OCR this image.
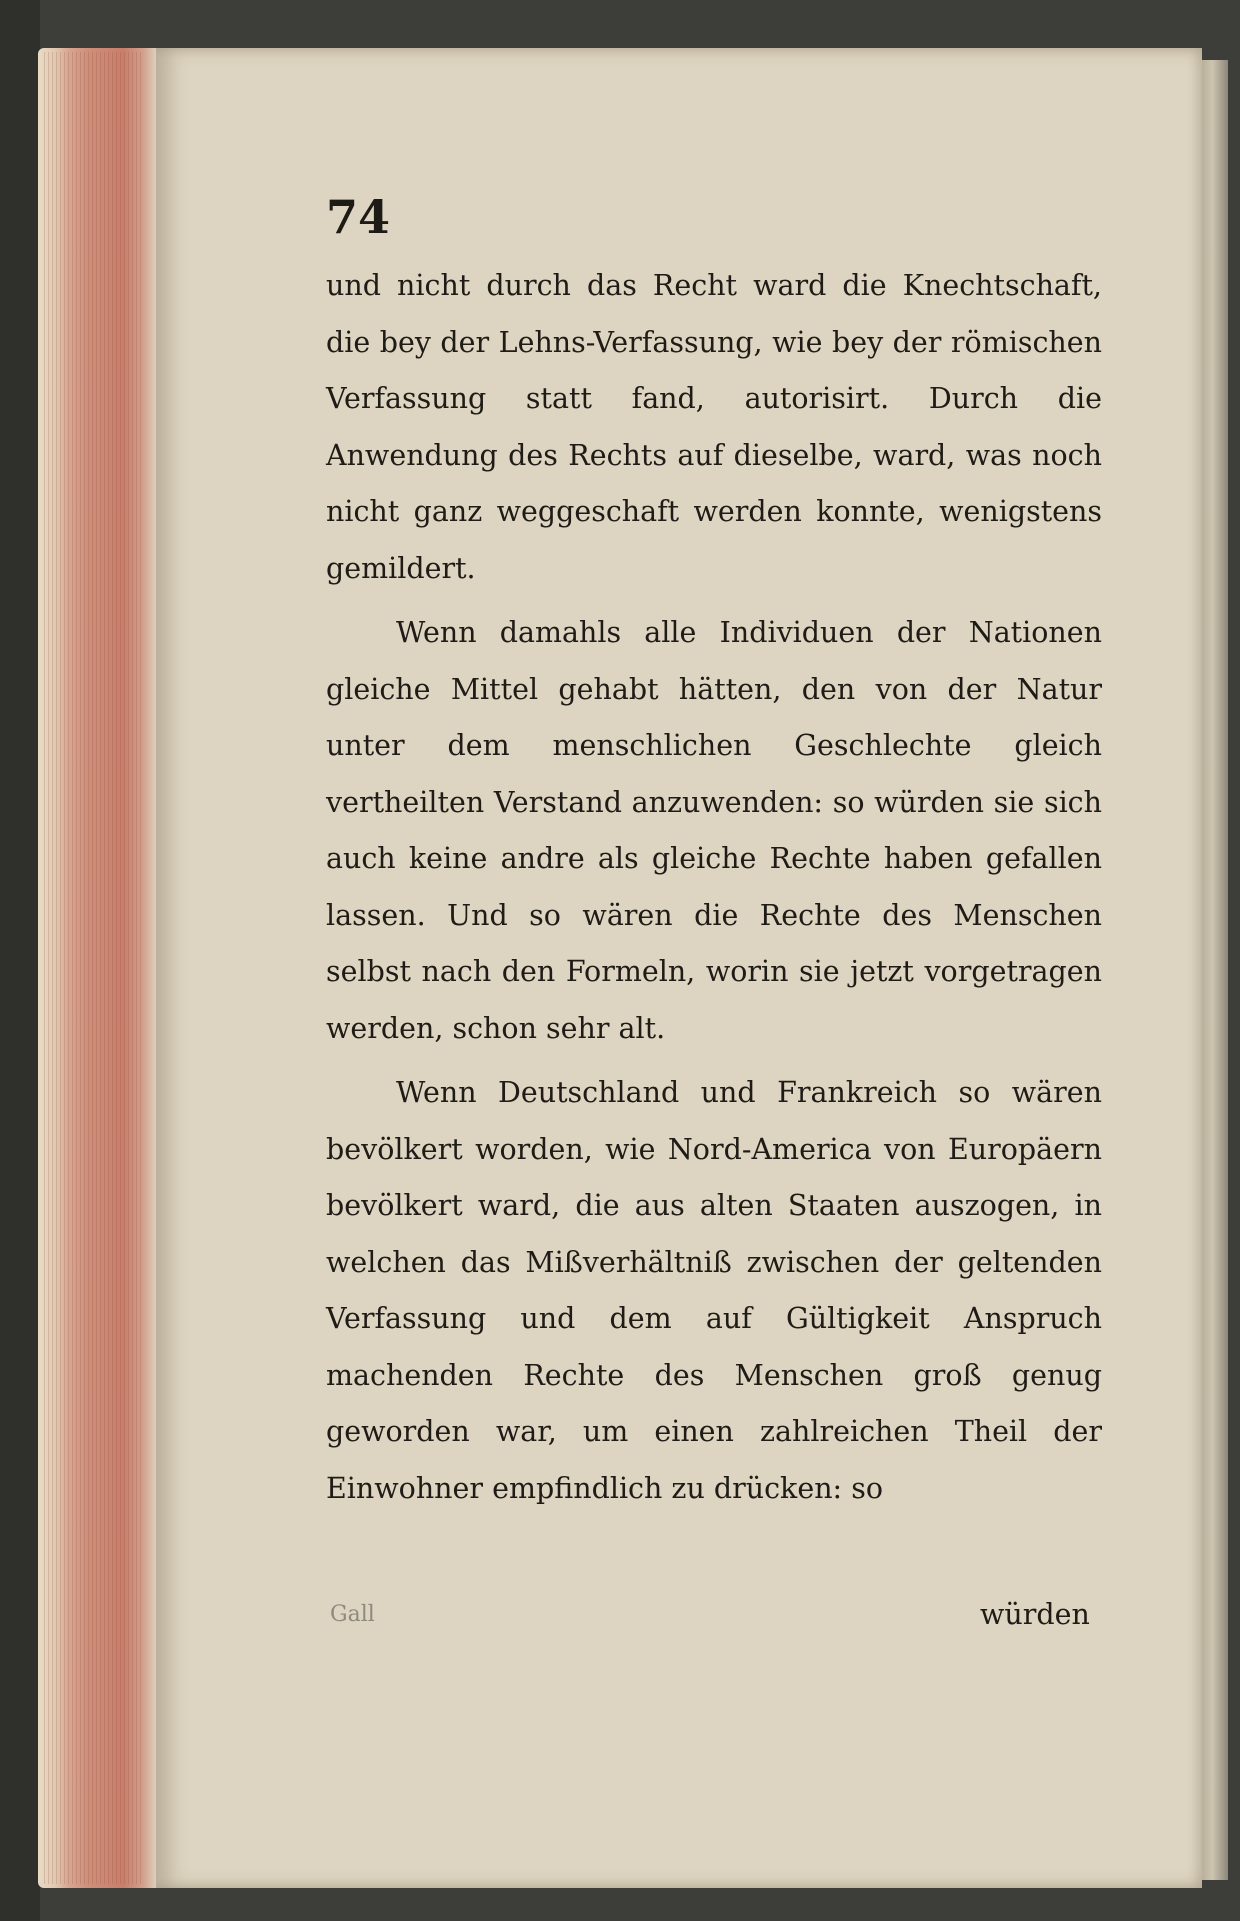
74

und nicht durch das Recht ward die Knechtschaft, die bey der Lehns-Verfassung, wie bey der römischen Verfassung statt fand, autorisirt. Durch die Anwendung des Rechts auf dieselbe, ward, was noch nicht ganz weggeschaft werden konnte, wenigstens gemildert.

Wenn damahls alle Individuen der Nationen gleiche Mittel gehabt hätten, den von der Natur unter dem menschlichen Geschlechte gleich vertheilten Verstand anzuwenden: so würden sie sich auch keine andre als gleiche Rechte haben gefallen lassen. Und so wären die Rechte des Menschen selbst nach den Formeln, worin sie jetzt vorgetragen werden, schon sehr alt.

Wenn Deutschland und Frankreich so wären bevölkert worden, wie Nord-America von Europäern bevölkert ward, die aus alten Staaten auszogen, in welchen das Mißverhältniß zwischen der geltenden Verfassung und dem auf Gültigkeit Anspruch machenden Rechte des Menschen groß genug geworden war, um einen zahlreichen Theil der Einwohner empfindlich zu drücken: so

Gall	würden
